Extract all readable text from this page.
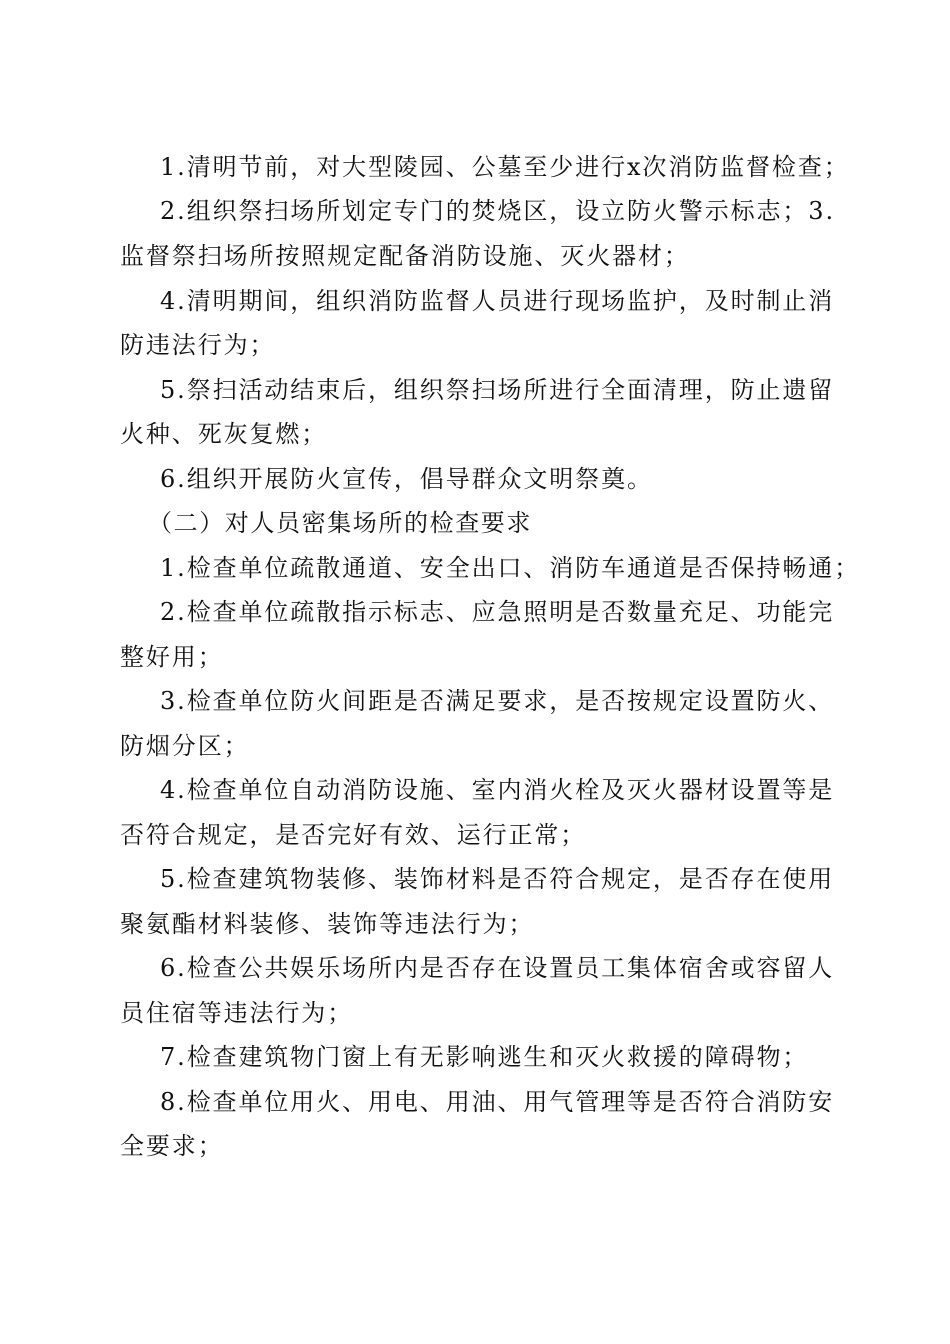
1.清明节前，对大型陵园、公墓至少进行x次消防监督检查；
2.组织祭扫场所划定专门的焚烧区，设立防火警示标志；3.
监督祭扫场所按照规定配备消防设施、灭火器材；
4.清明期间，组织消防监督人员进行现场监护，及时制止消
防违法行为；
5.祭扫活动结束后，组织祭扫场所进行全面清理，防止遗留
火种、死灰复燃；
6.组织开展防火宣传，倡导群众文明祭奠。
（二）对人员密集场所的检查要求
1.检查单位疏散通道、安全出口、消防车通道是否保持畅通；
2.检查单位疏散指示标志、应急照明是否数量充足、功能完
整好用；
3.检查单位防火间距是否满足要求，是否按规定设置防火、
防烟分区；
4.检查单位自动消防设施、室内消火栓及灭火器材设置等是
否符合规定，是否完好有效、运行正常；
5.检查建筑物装修、装饰材料是否符合规定，是否存在使用
聚氨酯材料装修、装饰等违法行为；
6.检查公共娱乐场所内是否存在设置员工集体宿舍或容留人
员住宿等违法行为；
7.检查建筑物门窗上有无影响逃生和灭火救援的障碍物；
8.检查单位用火、用电、用油、用气管理等是否符合消防安
全要求；
